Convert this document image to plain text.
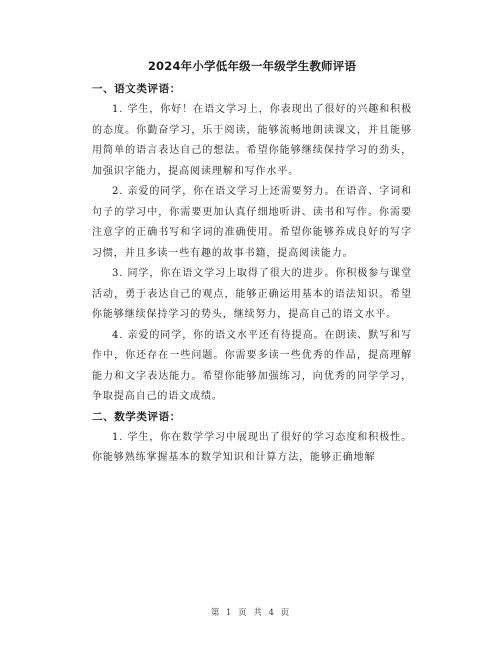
2024年小学低年级一年级学生教师评语
一、语文类评语：

1. 学生，你好！在语文学习上，你表现出了很好的兴趣和积极的态度。你勤奋学习，乐于阅读，能够流畅地朗读课文，并且能够用简单的语言表达自己的想法。希望你能够继续保持学习的劲头，加强识字能力，提高阅读理解和写作水平。

2. 亲爱的同学，你在语文学习上还需要努力。在语音、字词和句子的学习中，你需要更加认真仔细地听讲、读书和写作。你需要注意字的正确书写和字词的准确使用。希望你能够养成良好的写字习惯，并且多读一些有趣的故事书籍，提高阅读能力。

3. 同学，你在语文学习上取得了很大的进步。你积极参与课堂活动，勇于表达自己的观点，能够正确运用基本的语法知识。希望你能够继续保持学习的势头，继续努力，提高自己的语文水平。

4. 亲爱的同学，你的语文水平还有待提高。在朗读、默写和写作中，你还存在一些问题。你需要多读一些优秀的作品，提高理解能力和文字表达能力。希望你能够加强练习，向优秀的同学学习，争取提高自己的语文成绩。

二、数学类评语：

1. 学生，你在数学学习中展现出了很好的学习态度和积极性。你能够熟练掌握基本的数学知识和计算方法，能够正确地解

第 1 页 共 4 页
